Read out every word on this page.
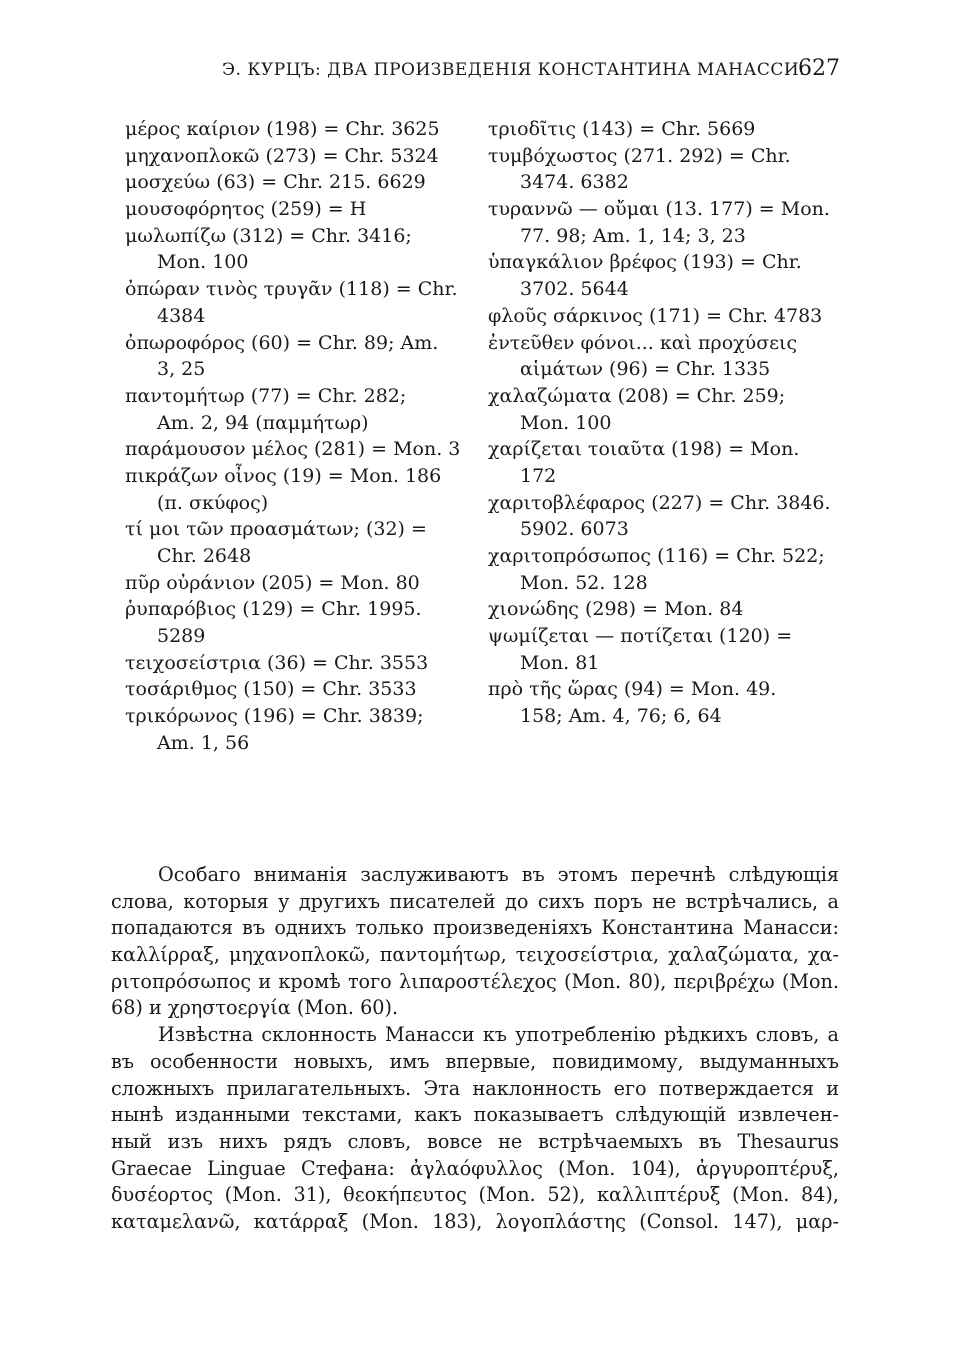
Э. КУРЦЪ: ДВА ПРОИЗВЕДЕНІЯ КОНСТАНТИНА МАНАССИ.
627
μέρος καίριον (198) = Chr. 3625
μηχανοπλοκῶ (273) = Chr. 5324
μοσχεύω (63) = Chr. 215. 6629
μουσοφόρητος (259) = Η
μωλωπίζω (312) = Chr. 3416;
Mon. 100
ὀπώραν τινὸς τρυγᾶν (118) = Chr.
4384
ὀπωροφόρος (60) = Chr. 89; Am.
3, 25
παντομήτωρ (77) = Chr. 282;
Am. 2, 94 (παμμήτωρ)
παράμουσον μέλος (281) = Mon. 3
πικράζων οἶνος (19) = Mon. 186
(π. σκύφος)
τί μοι τῶν προασμάτων; (32) =
Chr. 2648
πῦρ οὐράνιον (205) = Mon. 80
ῥυπαρόβιος (129) = Chr. 1995.
5289
τειχοσείστρια (36) = Chr. 3553
τοσάριθμος (150) = Chr. 3533
τρικόρωνος (196) = Chr. 3839;
Am. 1, 56
τριοδῖτις (143) = Chr. 5669
τυμβόχωστος (271. 292) = Chr.
3474. 6382
τυραννῶ — οὔμαι (13. 177) = Mon.
77. 98; Am. 1, 14; 3, 23
ὑπαγκάλιον βρέφος (193) = Chr.
3702. 5644
φλοῦς σάρκινος (171) = Chr. 4783
ἐντεῦθεν φόνοι... καὶ προχύσεις
αἱμάτων (96) = Chr. 1335
χαλαζώματα (208) = Chr. 259;
Mon. 100
χαρίζεται τοιαῦτα (198) = Mon.
172
χαριτοβλέφαρος (227) = Chr. 3846.
5902. 6073
χαριτοπρόσωπος (116) = Chr. 522;
Mon. 52. 128
χιονώδης (298) = Mon. 84
ψωμίζεται — ποτίζεται (120) =
Mon. 81
πρὸ τῆς ὥρας (94) = Mon. 49.
158; Am. 4, 76; 6, 64
Особаго вниманія заслуживаютъ въ этомъ перечнѣ слѣдующія
слова, которыя у другихъ писателей до сихъ поръ не встрѣчались, а
попадаются въ однихъ только произведеніяхъ Константина Манасси:
καλλίρραξ, μηχανοπλοκῶ, παντομήτωρ, τειχοσείστρια, χαλαζώματα, χα-
ριτοπρόσωπος и кромѣ того λιπαροστέλεχος (Mon. 80), περιβρέχω (Mon.
68) и χρηστοεργία (Mon. 60).
Извѣстна склонность Манасси къ употребленію рѣдкихъ словъ, а
въ особенности новыхъ, имъ впервые, повидимому, выдуманныхъ
сложныхъ прилагательныхъ. Эта наклонность его потверждается и
нынѣ изданными текстами, какъ показываетъ слѣдующій извлечен-
ный изъ нихъ рядъ словъ, вовсе не встрѣчаемыхъ въ Thesaurus
Graecae Linguae Стефана: ἀγλαόφυλλος (Mon. 104), ἀργυροπτέρυξ,
δυσέορτος (Mon. 31), θεοκήπευτος (Mon. 52), καλλιπτέρυξ (Mon. 84),
καταμελανῶ, κατάρραξ (Mon. 183), λογοπλάστης (Consol. 147), μαρ-
